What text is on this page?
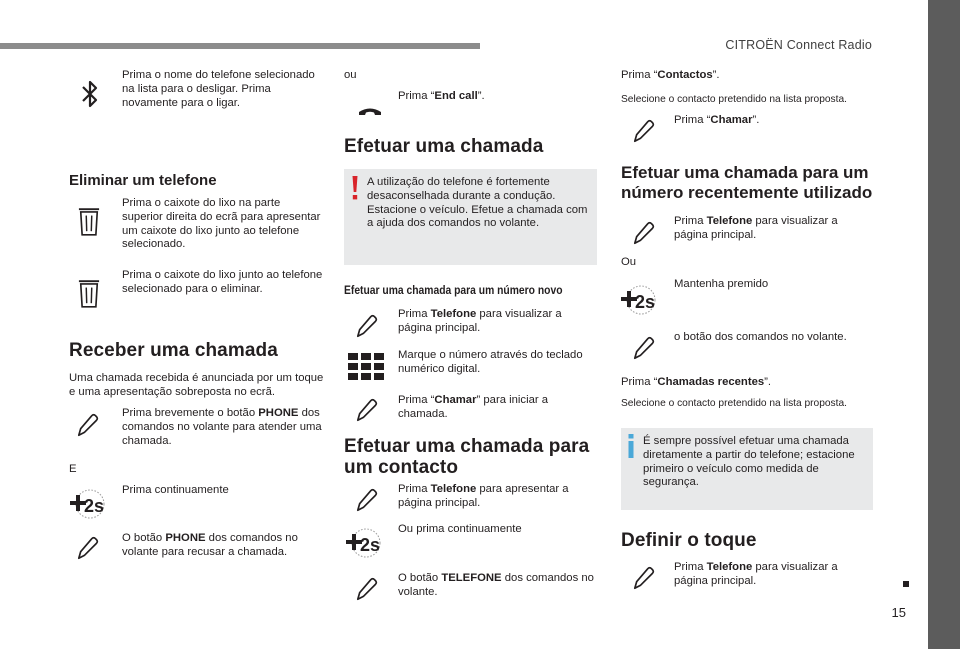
CITROËN Connect Radio
15
Prima o nome do telefone selecionado na lista para o desligar. Prima novamente para o ligar.
Eliminar um telefone
Prima o caixote do lixo na parte superior direita do ecrã para apresentar um caixote do lixo junto ao telefone selecionado.
Prima o caixote do lixo junto ao telefone selecionado para o eliminar.
Receber uma chamada
Uma chamada recebida é anunciada por um toque e uma apresentação sobreposta no ecrã.
Prima brevemente o botão PHONE dos comandos no volante para atender uma chamada.
E
Prima continuamente
O botão PHONE dos comandos no volante para recusar a chamada.
ou
Prima “End call”.
Efetuar uma chamada
A utilização do telefone é fortemente desaconselhada durante a condução. Estacione o veículo. Efetue a chamada com a ajuda dos comandos no volante.
Efetuar uma chamada para um número novo
Prima Telefone para visualizar a página principal.
Marque o número através do teclado numérico digital.
Prima “Chamar” para iniciar a chamada.
Efetuar uma chamada para um contacto
Prima Telefone para apresentar a página principal.
Ou prima continuamente
O botão TELEFONE dos comandos no volante.
Prima “Contactos”.
Selecione o contacto pretendido na lista proposta.
Prima “Chamar”.
Efetuar uma chamada para um número recentemente utilizado
Prima Telefone para visualizar a página principal.
Ou
Mantenha premido
o botão dos comandos no volante.
Prima “Chamadas recentes”.
Selecione o contacto pretendido na lista proposta.
É sempre possível efetuar uma chamada diretamente a partir do telefone; estacione primeiro o veículo como medida de segurança.
Definir o toque
Prima Telefone para visualizar a página principal.
